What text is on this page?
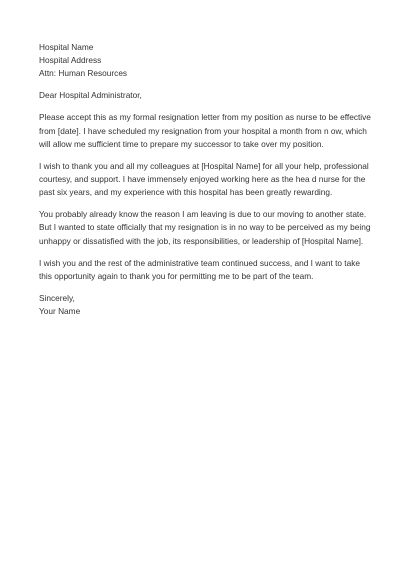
Hospital Name
Hospital Address
Attn: Human Resources
Dear Hospital Administrator,
Please accept this as my formal resignation letter from my position as nurse to be effective
from [date]. I have scheduled my resignation from your hospital a month from n ow, which
will allow me sufficient time to prepare my successor to take over my position.
I wish to thank you and all my colleagues at [Hospital Name] for all your help, professional
courtesy, and support. I have immensely enjoyed working here as the hea d nurse for the
past six years, and my experience with this hospital has been greatly rewarding.
You probably already know the reason I am leaving is due to our moving to another state.
But I wanted to state officially that my resignation is in no way to be perceived as my being
unhappy or dissatisfied with the job, its responsibilities, or leadership of [Hospital Name].
I wish you and the rest of the administrative team continued success, and I want to take
this opportunity again to thank you for permitting me to be part of the team.
Sincerely,
Your Name
